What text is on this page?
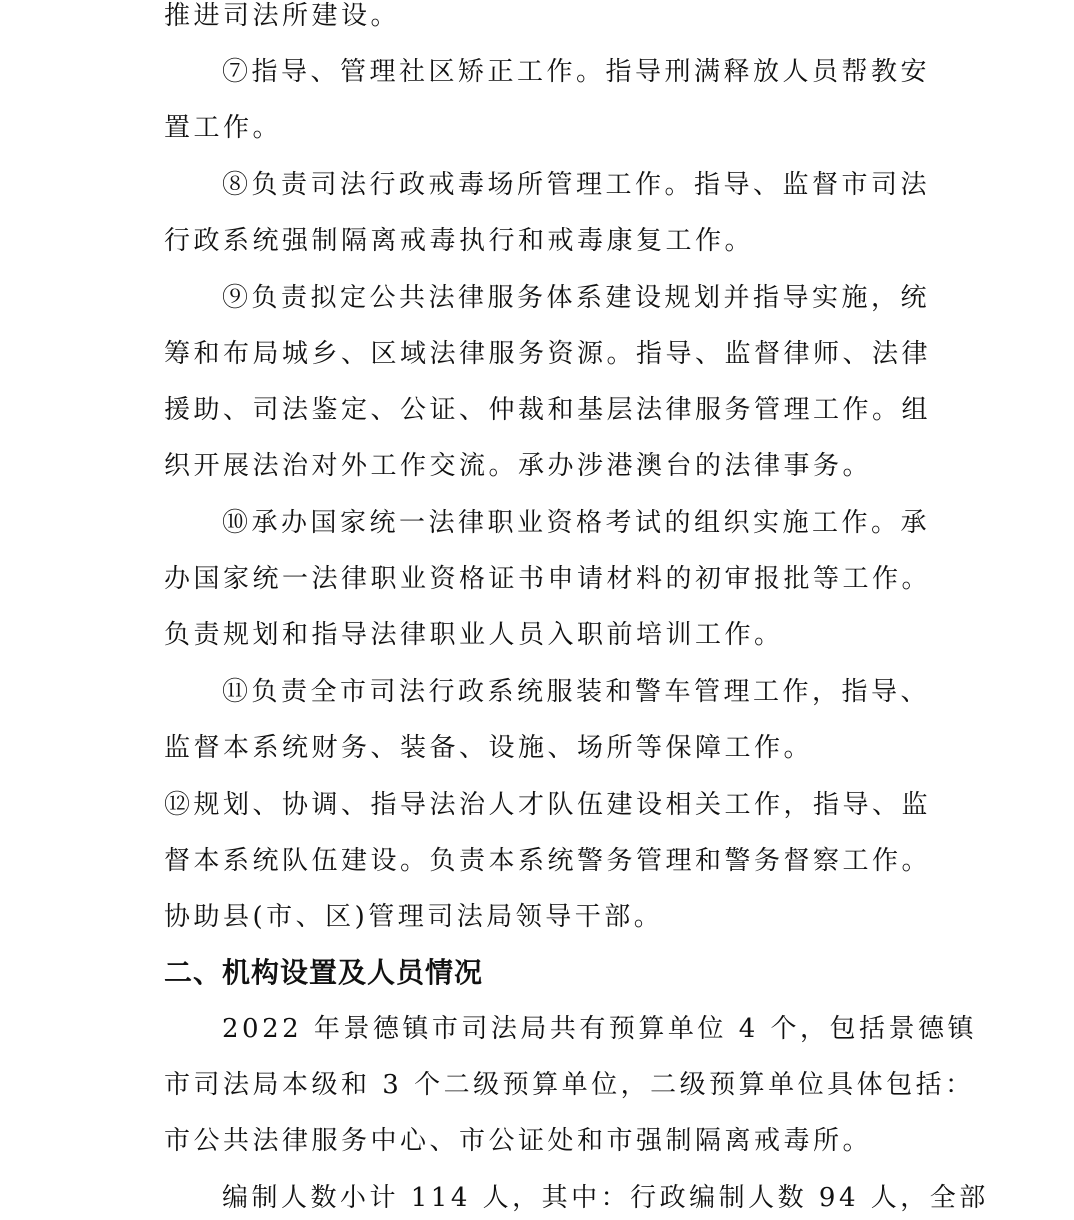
推进司法所建设。
⑦指导、管理社区矫正工作。指导刑满释放人员帮教安
置工作。
⑧负责司法行政戒毒场所管理工作。指导、监督市司法
行政系统强制隔离戒毒执行和戒毒康复工作。
⑨负责拟定公共法律服务体系建设规划并指导实施，统
筹和布局城乡、区域法律服务资源。指导、监督律师、法律
援助、司法鉴定、公证、仲裁和基层法律服务管理工作。组
织开展法治对外工作交流。承办涉港澳台的法律事务。
⑩承办国家统一法律职业资格考试的组织实施工作。承
办国家统一法律职业资格证书申请材料的初审报批等工作。
负责规划和指导法律职业人员入职前培训工作。
⑪负责全市司法行政系统服装和警车管理工作，指导、
监督本系统财务、装备、设施、场所等保障工作。
⑫规划、协调、指导法治人才队伍建设相关工作，指导、监
督本系统队伍建设。负责本系统警务管理和警务督察工作。
协助县(市、区)管理司法局领导干部。
二、机构设置及人员情况
2022 年景德镇市司法局共有预算单位 4 个，包括景德镇
市司法局本级和 3 个二级预算单位，二级预算单位具体包括：
市公共法律服务中心、市公证处和市强制隔离戒毒所。
编制人数小计 114 人，其中：行政编制人数 94 人，全部
